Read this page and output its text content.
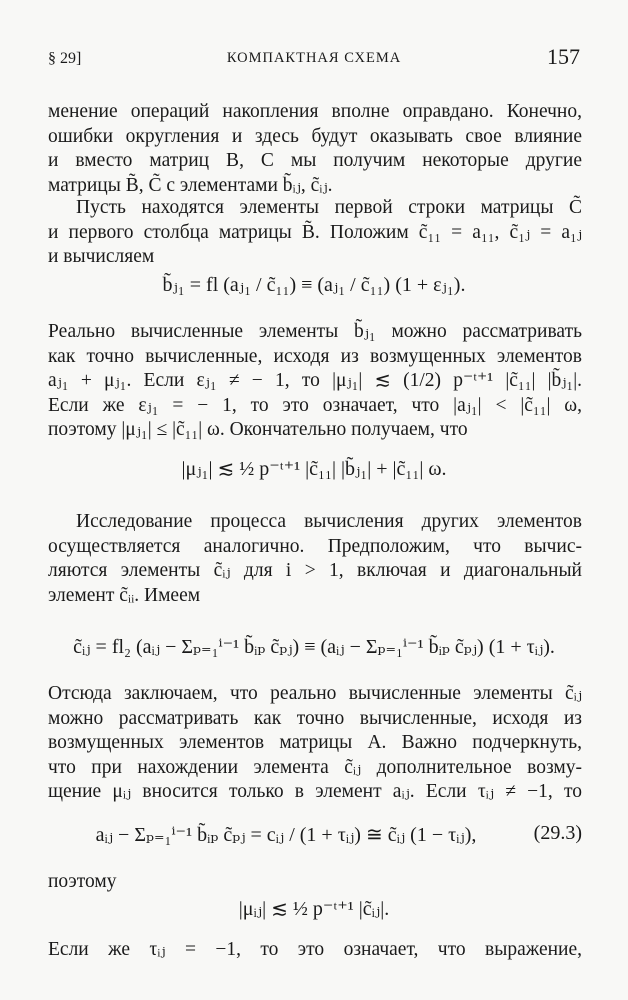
§ 29]	КОМПАКТНАЯ СХЕМА	157
менение операций накопления вполне оправдано. Конечно,
ошибки округления и здесь будут оказывать свое влияние
и вместо матриц B, C мы получим некоторые другие
матрицы B̃, C̃ с элементами b̃ᵢⱼ, c̃ᵢⱼ.
Пусть находятся элементы первой строки матрицы C̃
и первого столбца матрицы B̃. Положим c̃₁₁ = a₁₁, c̃₁ⱼ = a₁ⱼ
и вычисляем
b̃ⱼ₁ = fl (aⱼ₁ / c̃₁₁) ≡ (aⱼ₁ / c̃₁₁) (1 + εⱼ₁).
Реально вычисленные элементы b̃ⱼ₁ можно рассматривать
как точно вычисленные, исходя из возмущенных элементов
aⱼ₁ + μⱼ₁. Если εⱼ₁ ≠ − 1, то |μⱼ₁| ≲ (1/2) p⁻ᵗ⁺¹ |c̃₁₁| |b̃ⱼ₁|.
Если же εⱼ₁ = − 1, то это означает, что |aⱼ₁| < |c̃₁₁| ω,
поэтому |μⱼ₁| ≤ |c̃₁₁| ω. Окончательно получаем, что
|μⱼ₁| ≲ ½ p⁻ᵗ⁺¹ |c̃₁₁| |b̃ⱼ₁| + |c̃₁₁| ω.
Исследование процесса вычисления других элементов
осуществляется аналогично. Предположим, что вычис-
ляются элементы c̃ᵢⱼ для i > 1, включая и диагональный
элемент c̃ᵢᵢ. Имеем
c̃ᵢⱼ = fl₂ (aᵢⱼ − Σₚ₌₁ⁱ⁻¹ b̃ᵢₚ c̃ₚⱼ) ≡ (aᵢⱼ − Σₚ₌₁ⁱ⁻¹ b̃ᵢₚ c̃ₚⱼ) (1 + τᵢⱼ).
Отсюда заключаем, что реально вычисленные элементы c̃ᵢⱼ
можно рассматривать как точно вычисленные, исходя из
возмущенных элементов матрицы A. Важно подчеркнуть,
что при нахождении элемента c̃ᵢⱼ дополнительное возму-
щение μᵢⱼ вносится только в элемент aᵢⱼ. Если τᵢⱼ ≠ −1, то
aᵢⱼ − Σₚ₌₁ⁱ⁻¹ b̃ᵢₚ c̃ₚⱼ = cᵢⱼ / (1 + τᵢⱼ) ≅ c̃ᵢⱼ (1 − τᵢⱼ),	(29.3)
поэтому
|μᵢⱼ| ≲ ½ p⁻ᵗ⁺¹ |c̃ᵢⱼ|.
Если же τᵢⱼ = −1, то это означает, что выражение,
